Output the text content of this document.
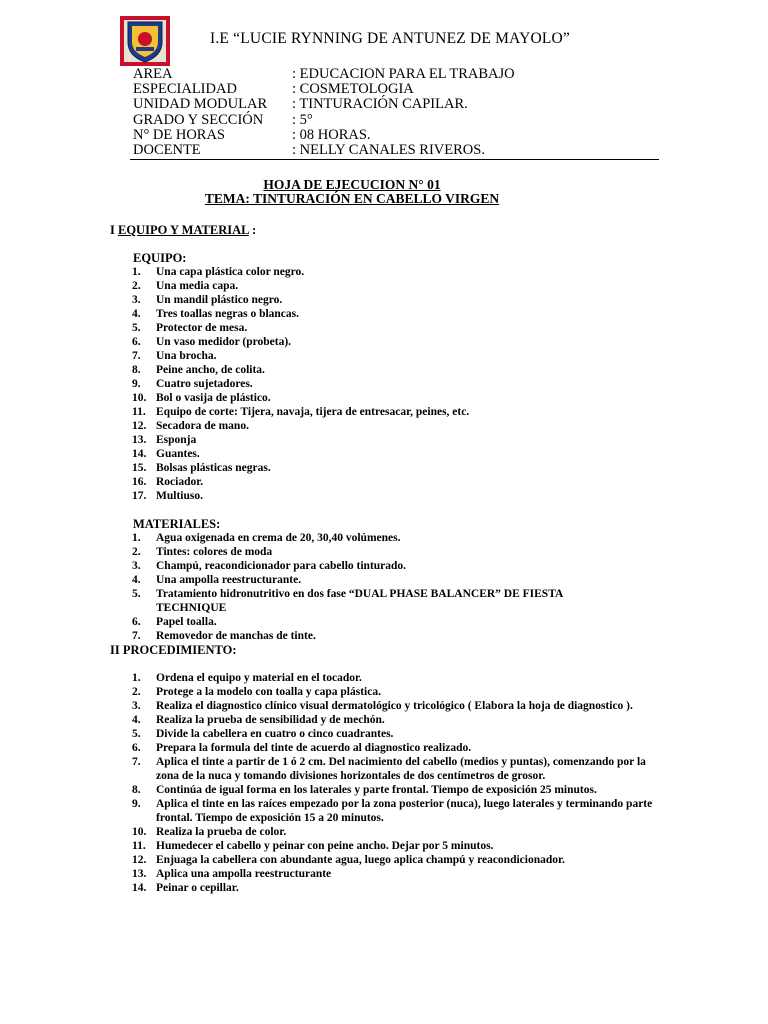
I.E “LUCIE RYNNING DE ANTUNEZ DE MAYOLO”
AREA	: EDUCACION PARA EL TRABAJO
ESPECIALIDAD	: COSMETOLOGIA
UNIDAD MODULAR : TINTURACIÓN CAPILAR.
GRADO Y SECCIÓN : 5°
N° DE HORAS	: 08 HORAS.
DOCENTE	: NELLY CANALES RIVEROS.
HOJA DE EJECUCION N° 01
TEMA: TINTURACIÓN EN CABELLO VIRGEN
I EQUIPO Y MATERIAL :
EQUIPO:
1. Una capa plástica color negro.
2. Una media capa.
3. Un mandil plástico negro.
4. Tres toallas negras o blancas.
5. Protector de mesa.
6. Un vaso medidor (probeta).
7. Una brocha.
8. Peine ancho, de colita.
9. Cuatro sujetadores.
10. Bol o vasija de plástico.
11. Equipo de corte: Tijera, navaja, tijera de entresacar, peines, etc.
12. Secadora de mano.
13. Esponja
14. Guantes.
15. Bolsas plásticas negras.
16. Rociador.
17. Multiuso.
MATERIALES:
1. Agua oxigenada en crema de 20, 30,40 volúmenes.
2. Tintes: colores de moda
3. Champú, reacondicionador para cabello tinturado.
4. Una ampolla reestructurante.
5. Tratamiento hidronutritivo en dos fase “DUAL PHASE BALANCER” DE FIESTA TECHNIQUE
6. Papel toalla.
7. Removedor de manchas de tinte.
II PROCEDIMIENTO:
1. Ordena el equipo y material en el tocador.
2. Protege a la modelo con toalla y capa plástica.
3. Realiza el diagnostico clínico visual dermatológico y tricológico ( Elabora la hoja de diagnostico ).
4. Realiza la prueba de sensibilidad y de mechón.
5. Divide la cabellera en cuatro o cinco cuadrantes.
6. Prepara la formula del tinte de acuerdo al diagnostico realizado.
7. Aplica el tinte a partir de 1 ó 2 cm. Del nacimiento del cabello (medios y puntas), comenzando por la zona de la nuca y tomando divisiones horizontales de dos centímetros de grosor.
8. Continúa de igual forma en los laterales y parte frontal. Tiempo de exposición 25 minutos.
9. Aplica el tinte en las raíces empezado por la zona posterior (nuca), luego laterales y terminando parte frontal. Tiempo de exposición 15 a 20 minutos.
10. Realiza la prueba de color.
11. Humedecer el cabello y peinar con peine ancho. Dejar por 5 minutos.
12. Enjuaga la cabellera con abundante agua, luego aplica champú y reacondicionador.
13. Aplica una ampolla reestructurante
14. Peinar o cepillar.
